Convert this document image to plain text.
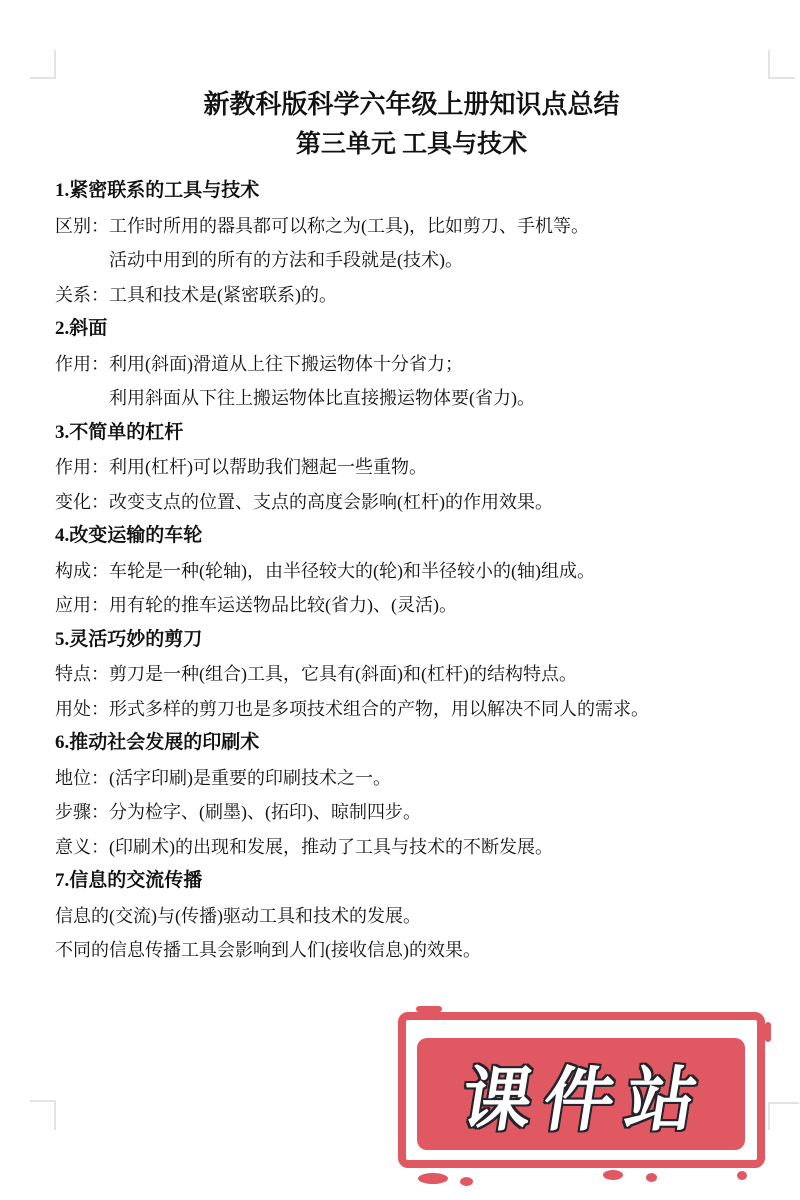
新教科版科学六年级上册知识点总结

第三单元 工具与技术

1.紧密联系的工具与技术

区别：工作时所用的器具都可以称之为(工具)，比如剪刀、手机等。

活动中用到的所有的方法和手段就是(技术)。

关系：工具和技术是(紧密联系)的。

2.斜面

作用：利用(斜面)滑道从上往下搬运物体十分省力；

利用斜面从下往上搬运物体比直接搬运物体要(省力)。

3.不简单的杠杆

作用：利用(杠杆)可以帮助我们翘起一些重物。

变化：改变支点的位置、支点的高度会影响(杠杆)的作用效果。

4.改变运输的车轮

构成：车轮是一种(轮轴)，由半径较大的(轮)和半径较小的(轴)组成。

应用：用有轮的推车运送物品比较(省力)、(灵活)。

5.灵活巧妙的剪刀

特点：剪刀是一种(组合)工具，它具有(斜面)和(杠杆)的结构特点。

用处：形式多样的剪刀也是多项技术组合的产物，用以解决不同人的需求。

6.推动社会发展的印刷术

地位：(活字印刷)是重要的印刷技术之一。

步骤：分为检字、(刷墨)、(拓印)、晾制四步。

意义：(印刷术)的出现和发展，推动了工具与技术的不断发展。

7.信息的交流传播

信息的(交流)与(传播)驱动工具和技术的发展。

不同的信息传播工具会影响到人们(接收信息)的效果。

课件站
